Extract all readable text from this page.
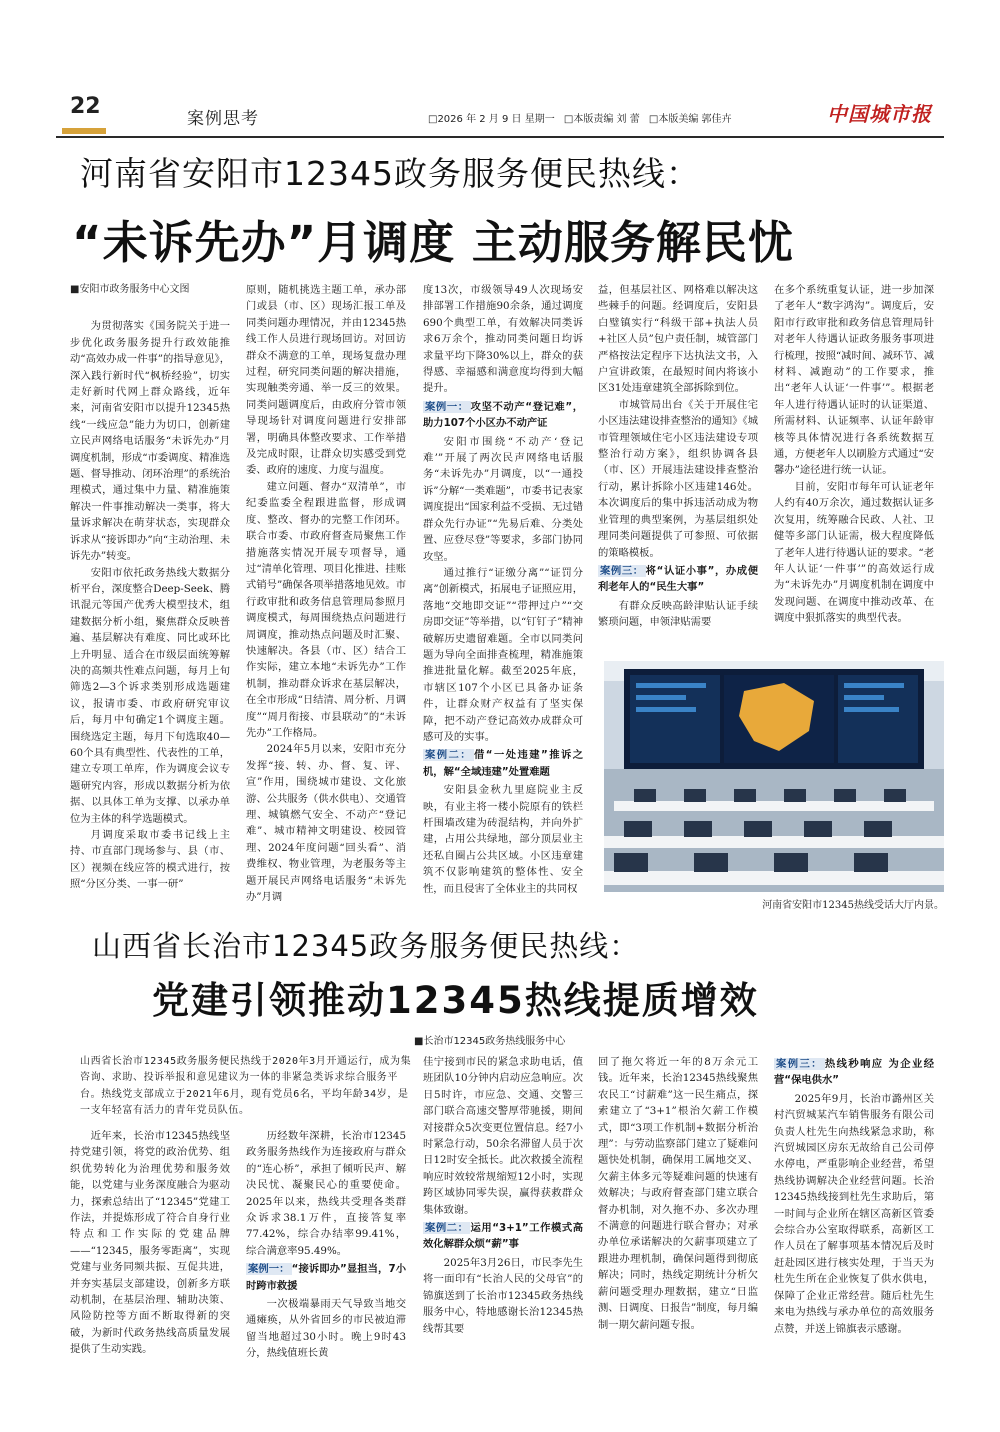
22	案例思考	□2026 年 2 月 9 日 星期一 □本版责编 刘 蕾 □本版美编 郭佳卉	中国城市报
河南省安阳市12345政务服务便民热线：
“未诉先办”月调度 主动服务解民忧
■安阳市政务服务中心文图

为贯彻落实《国务院关于进一步优化政务服务提升行政效能推动“高效办成一件事”的指导意见》，深入践行新时代“枫桥经验”，切实走好新时代网上群众路线，近年来，河南省安阳市以提升12345热线“一线应急”能力为切口，创新建立民声网络电话服务“未诉先办”月调度机制，形成“市委调度、精准选题、督导推动、闭环治理”的系统治理模式，通过集中力量、精准施策解决一件事推动解决一类事，将大量诉求解决在萌芽状态，实现群众诉求从“接诉即办”向“主动治理、未诉先办”转变。

安阳市依托政务热线大数据分析平台，深度整合Deep-Seek、腾讯混元等国产优秀大模型技术，组建数据分析小组，聚焦群众反映普遍、基层解决有难度、同比或环比上升明显、适合在市级层面统筹解决的高频共性难点问题，每月上旬筛选2—3个诉求类别形成选题建议，报请市委、市政府研究审议后，每月中旬确定1个调度主题。围绕选定主题，每月下旬选取40—60个具有典型性、代表性的工单，建立专项工单库，作为调度会议专题研究内容，形成以数据分析为依据、以具体工单为支撑、以承办单位为主体的科学选题模式。

月调度采取市委书记线上主持、市直部门现场参与、县（市、区）视频在线应答的模式进行，按照“分区分类、一事一研”

原则，随机挑选主题工单，承办部门或县（市、区）现场汇报工单及同类问题办理情况，并由12345热线工作人员进行现场回访。对回访群众不满意的工单，现场复盘办理过程，研究同类问题的解决措施，实现触类旁通、举一反三的效果。同类问题调度后，由政府分管市领导现场针对调度问题进行安排部署，明确具体整改要求、工作举措及完成时限，让群众切实感受到党委、政府的速度、力度与温度。

建立问题、督办“双清单”，市纪委监委全程跟进监督，形成调度、整改、督办的完整工作闭环。联合市委、市政府督查局聚焦工作措施落实情况开展专项督导，通过“清单化管理、项目化推进、挂账式销号”确保各项举措落地见效。市行政审批和政务信息管理局参照月调度模式，每周围绕热点问题进行周调度，推动热点问题及时汇聚、快速解决。各县（市、区）结合工作实际，建立本地“未诉先办”工作机制，推动群众诉求在基层解决，在全市形成“日结清、周分析、月调度”“周月衔接、市县联动”的“未诉先办”工作格局。

2024年5月以来，安阳市充分发挥“接、转、办、督、复、评、宣”作用，围绕城市建设、文化旅游、公共服务（供水供电）、交通管理、城镇燃气安全、不动产“登记难”、城市精神文明建设、校园管理、2024年度问题“回头看”、消费维权、物业管理，为老服务等主题开展民声网络电话服务“未诉先办”月调

度13次，市级领导49人次现场安排部署工作措施90余条，通过调度690个典型工单，有效解决同类诉求6万余个，推动同类问题日均诉求量平均下降30%以上，群众的获得感、幸福感和满意度均得到大幅提升。

案例一： 攻坚不动产“登记难”，助力107个小区办不动产证

安阳市围绕“不动产‘登记难’”开展了两次民声网络电话服务“未诉先办”月调度，以“一通投诉”分解“一类难题”，市委书记表家调度提出“国家利益不受损、无过错群众先行办证”“先易后难、分类处置、应登尽登”等要求，多部门协同攻坚。

通过推行“证缴分离”“证罚分离”创新模式，拓展电子证照应用，落地“交地即交证”“带押过户”“交房即交证”等举措，以“钉钉子”精神破解历史遗留难题。全市以同类问题为导向全面排查梳理，精准施策推进批量化解。截至2025年底，市辖区107个小区已具备办证条件，让群众财产权益有了坚实保障，把不动产登记高效办成群众可感可及的实事。

案例二： 借“一处违建”推诉之机，解“全域违建”处置难题

安阳县金秋九里庭院业主反映，有业主将一楼小院原有的铁栏杆围墙改建为砖混结构，并向外扩建，占用公共绿地，部分顶层业主还私自圈占公共区域。小区违章建筑不仅影响建筑的整体性、安全性，而且侵害了全体业主的共同权

益，但基层社区、网格难以解决这些棘手的问题。经调度后，安阳县白璧镇实行“科级干部+执法人员+社区人员”包户责任制，城管部门严格按法定程序下达执法文书，入户宣讲政策，在最短时间内将该小区31处违章建筑全部拆除到位。

市城管局出台《关于开展住宅小区违法建设排查整治的通知》《城市管理领域住宅小区违法建设专项整治行动方案》，组织协调各县（市、区）开展违法建设排查整治行动，累计拆除小区违建146处。本次调度后的集中拆违活动成为物业管理的典型案例，为基层组织处理同类问题提供了可参照、可依据的策略模板。

案例三： 将“认证小事”，办成便利老年人的“民生大事”

有群众反映高龄津贴认证手续繁琐问题，申领津贴需要

在多个系统重复认证，进一步加深了老年人“数字鸿沟”。调度后，安阳市行政审批和政务信息管理局针对老年人待遇认证政务服务事项进行梳理，按照“减时间、减环节、减材料、减跑动”的工作要求，推出“老年人认证‘一件事’”。根据老年人进行待遇认证时的认证渠道、所需材料、认证频率、认证年龄审核等具体情况进行各系统数据互通，方便老年人以刷脸方式通过“安馨办”途径进行统一认证。

目前，安阳市每年可认证老年人约有40万余次，通过数据认证多次复用，统筹融合民政、人社、卫健等多部门认证需，极大程度降低了老年人进行待遇认证的要求。“老年人认证‘一件事’”的高效运行成为“未诉先办”月调度机制在调度中发现问题、在调度中推动改革、在调度中狠抓落实的典型代表。

河南省安阳市12345热线受话大厅内景。
山西省长治市12345政务服务便民热线：
党建引领推动12345热线提质增效
■长治市12345政务热线服务中心
山西省长治市12345政务服务便民热线于2020年3月开通运行，成为集咨询、求助、投诉举报和意见建议为一体的非紧急类诉求综合服务平台。热线党支部成立于2021年6月，现有党员6名，平均年龄34岁，是一支年轻富有活力的青年党员队伍。

近年来，长治市12345热线坚持党建引领，将党的政治优势、组织优势转化为治理优势和服务效能，以党建与业务深度融合为驱动力，探索总结出了“12345”党建工作法，并提炼形成了符合自身行业特点和工作实际的党建品牌——“12345，服务零距离”，实现党建与业务同频共振、互促共进，并夯实基层支部建设，创新多方联动机制，在基层治理、辅助决策、风险防控等方面不断取得新的突破，为新时代政务热线高质量发展提供了生动实践。

历经数年深耕，长治市12345政务服务热线作为连接政府与群众的“连心桥”，承担了倾听民声、解决民忧、凝聚民心的重要使命。2025年以来，热线共受理各类群众诉求38.1万件，直接答复率77.42%，综合办结率99.41%，综合满意率95.49%。

案例一： “接诉即办”显担当，7小时跨市救援

一次极端暴雨天气导致当地交通瘫痪，从外省回乡的市民被迫滞留当地超过30小时。晚上9时43分，热线值班长黄

佳宁接到市民的紧急求助电话，值班团队10分钟内启动应急响应。次日5时许，市应急、交通、交警三部门联合高速交警厚带驰援，期间对接群众5次变更位置信息。经7小时紧急行动，50余名滞留人员于次日12时安全抵长。此次救援全流程响应时效较常规缩短12小时，实现跨区域协同零失误，赢得获救群众集体致谢。

案例二： 运用“3+1”工作模式高效化解群众烦“薪”事

2025年3月26日，市民李先生将一面印有“长治人民的父母官”的锦旗送到了长治市12345政务热线服务中心，特地感谢长治12345热线帮其要

回了拖欠将近一年的8万余元工钱。近年来，长治12345热线聚焦农民工“讨薪难”这一民生痛点，探索建立了“3+1”根治欠薪工作模式，即“3项工作机制+数据分析治理”：与劳动监察部门建立了疑难问题快处机制，确保用工属地交叉、欠薪主体多元等疑难问题的快速有效解决；与政府督查部门建立联合督办机制，对久拖不办、多次办理不满意的问题进行联合督办；对承办单位承诺解决的欠薪事项建立了跟进办理机制，确保问题得到彻底解决；同时，热线定期统计分析欠薪问题受理办理数据，建立“日监测、日调度、日报告”制度，每月编制一期欠薪问题专报。

案例三： 热线秒响应 为企业经营“保电供水”

2025年9月，长治市潞州区关村汽贸城某汽车销售服务有限公司负责人杜先生向热线紧急求助，称汽贸城园区房东无故给自己公司停水停电，严重影响企业经营，希望热线协调解决企业经营问题。长治12345热线接到杜先生求助后，第一时间与企业所在辖区高新区管委会综合办公室取得联系，高新区工作人员在了解事项基本情况后及时赶赴园区进行核实处理，于当天为杜先生所在企业恢复了供水供电，保障了企业正常经营。随后杜先生来电为热线与承办单位的高效服务点赞，并送上锦旗表示感谢。
